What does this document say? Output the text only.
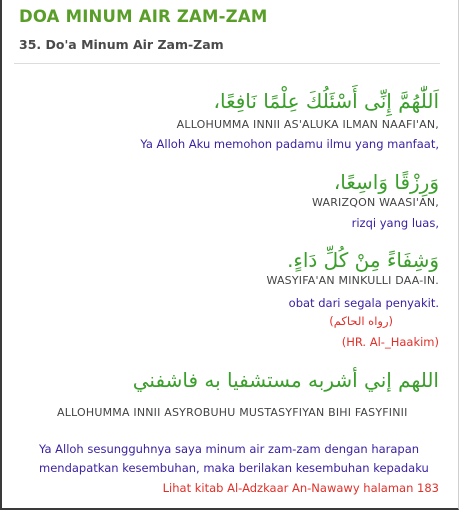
DOA MINUM AIR ZAM-ZAM
35. Do'a Minum Air Zam-Zam
اَللّٰهُمَّ إِنِّى أَسْئَلُكَ عِلْمًا نَافِعًا،
ALLOHUMMA INNII AS'ALUKA ILMAN NAAFI'AN,
Ya Alloh Aku memohon padamu ilmu yang manfaat,
وَرِزْقًا وَاسِعًا،
WARIZQON WAASI'AN,
rizqi yang luas,
وَشِفَاءً مِنْ كُلِّ دَاءٍ.
WASYIFA'AN MINKULLI DAA-IN.
obat dari segala penyakit.
(رواه الحاكم)
(HR. Al-_Haakim)
اللهم إني أشربه مستشفيا به فاشفني
ALLOHUMMA INNII ASYROBUHU MUSTASYFIYAN BIHI FASYFINII
Ya Alloh sesungguhnya saya minum air zam-zam dengan harapan
mendapatkan kesembuhan, maka berilakan kesembuhan kepadaku
Lihat kitab Al-Adzkaar An-Nawawy halaman 183
